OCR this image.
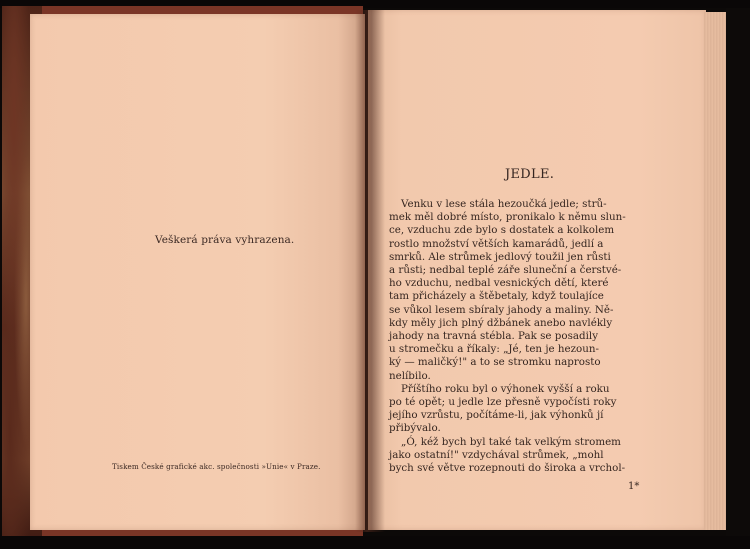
Veškerá práva vyhrazena.
Tiskem České grafické akc. společnosti »Unie« v Praze.
JEDLE.
Venku v lese stála hezoučká jedle; strů-
mek měl dobré místo, pronikalo k němu slun-
ce, vzduchu zde bylo s dostatek a kolkolem
rostlo množství větších kamarádů, jedlí a
smrků. Ale strůmek jedlový toužil jen růsti
a růsti; nedbal teplé záře sluneční a čerstvé-
ho vzduchu, nedbal vesnických dětí, které
tam přicházely a štěbetaly, když toulajíce
se vůkol lesem sbíraly jahody a maliny. Ně-
kdy měly jich plný džbánek anebo navlékly
jahody na travná stébla. Pak se posadily
u stromečku a říkaly: „Jé, ten je hezoun-
ký — maličký!" a to se stromku naprosto
nelíbilo.
Příštího roku byl o výhonek vyšší a roku
po té opět; u jedle lze přesně vypočísti roky
jejího vzrůstu, počítáme-li, jak výhonků jí
přibývalo.
„Ó, kéž bych byl také tak velkým stromem
jako ostatní!" vzdychával strůmek, „mohl
bych své větve rozepnouti do široka a vrchol-
1*
